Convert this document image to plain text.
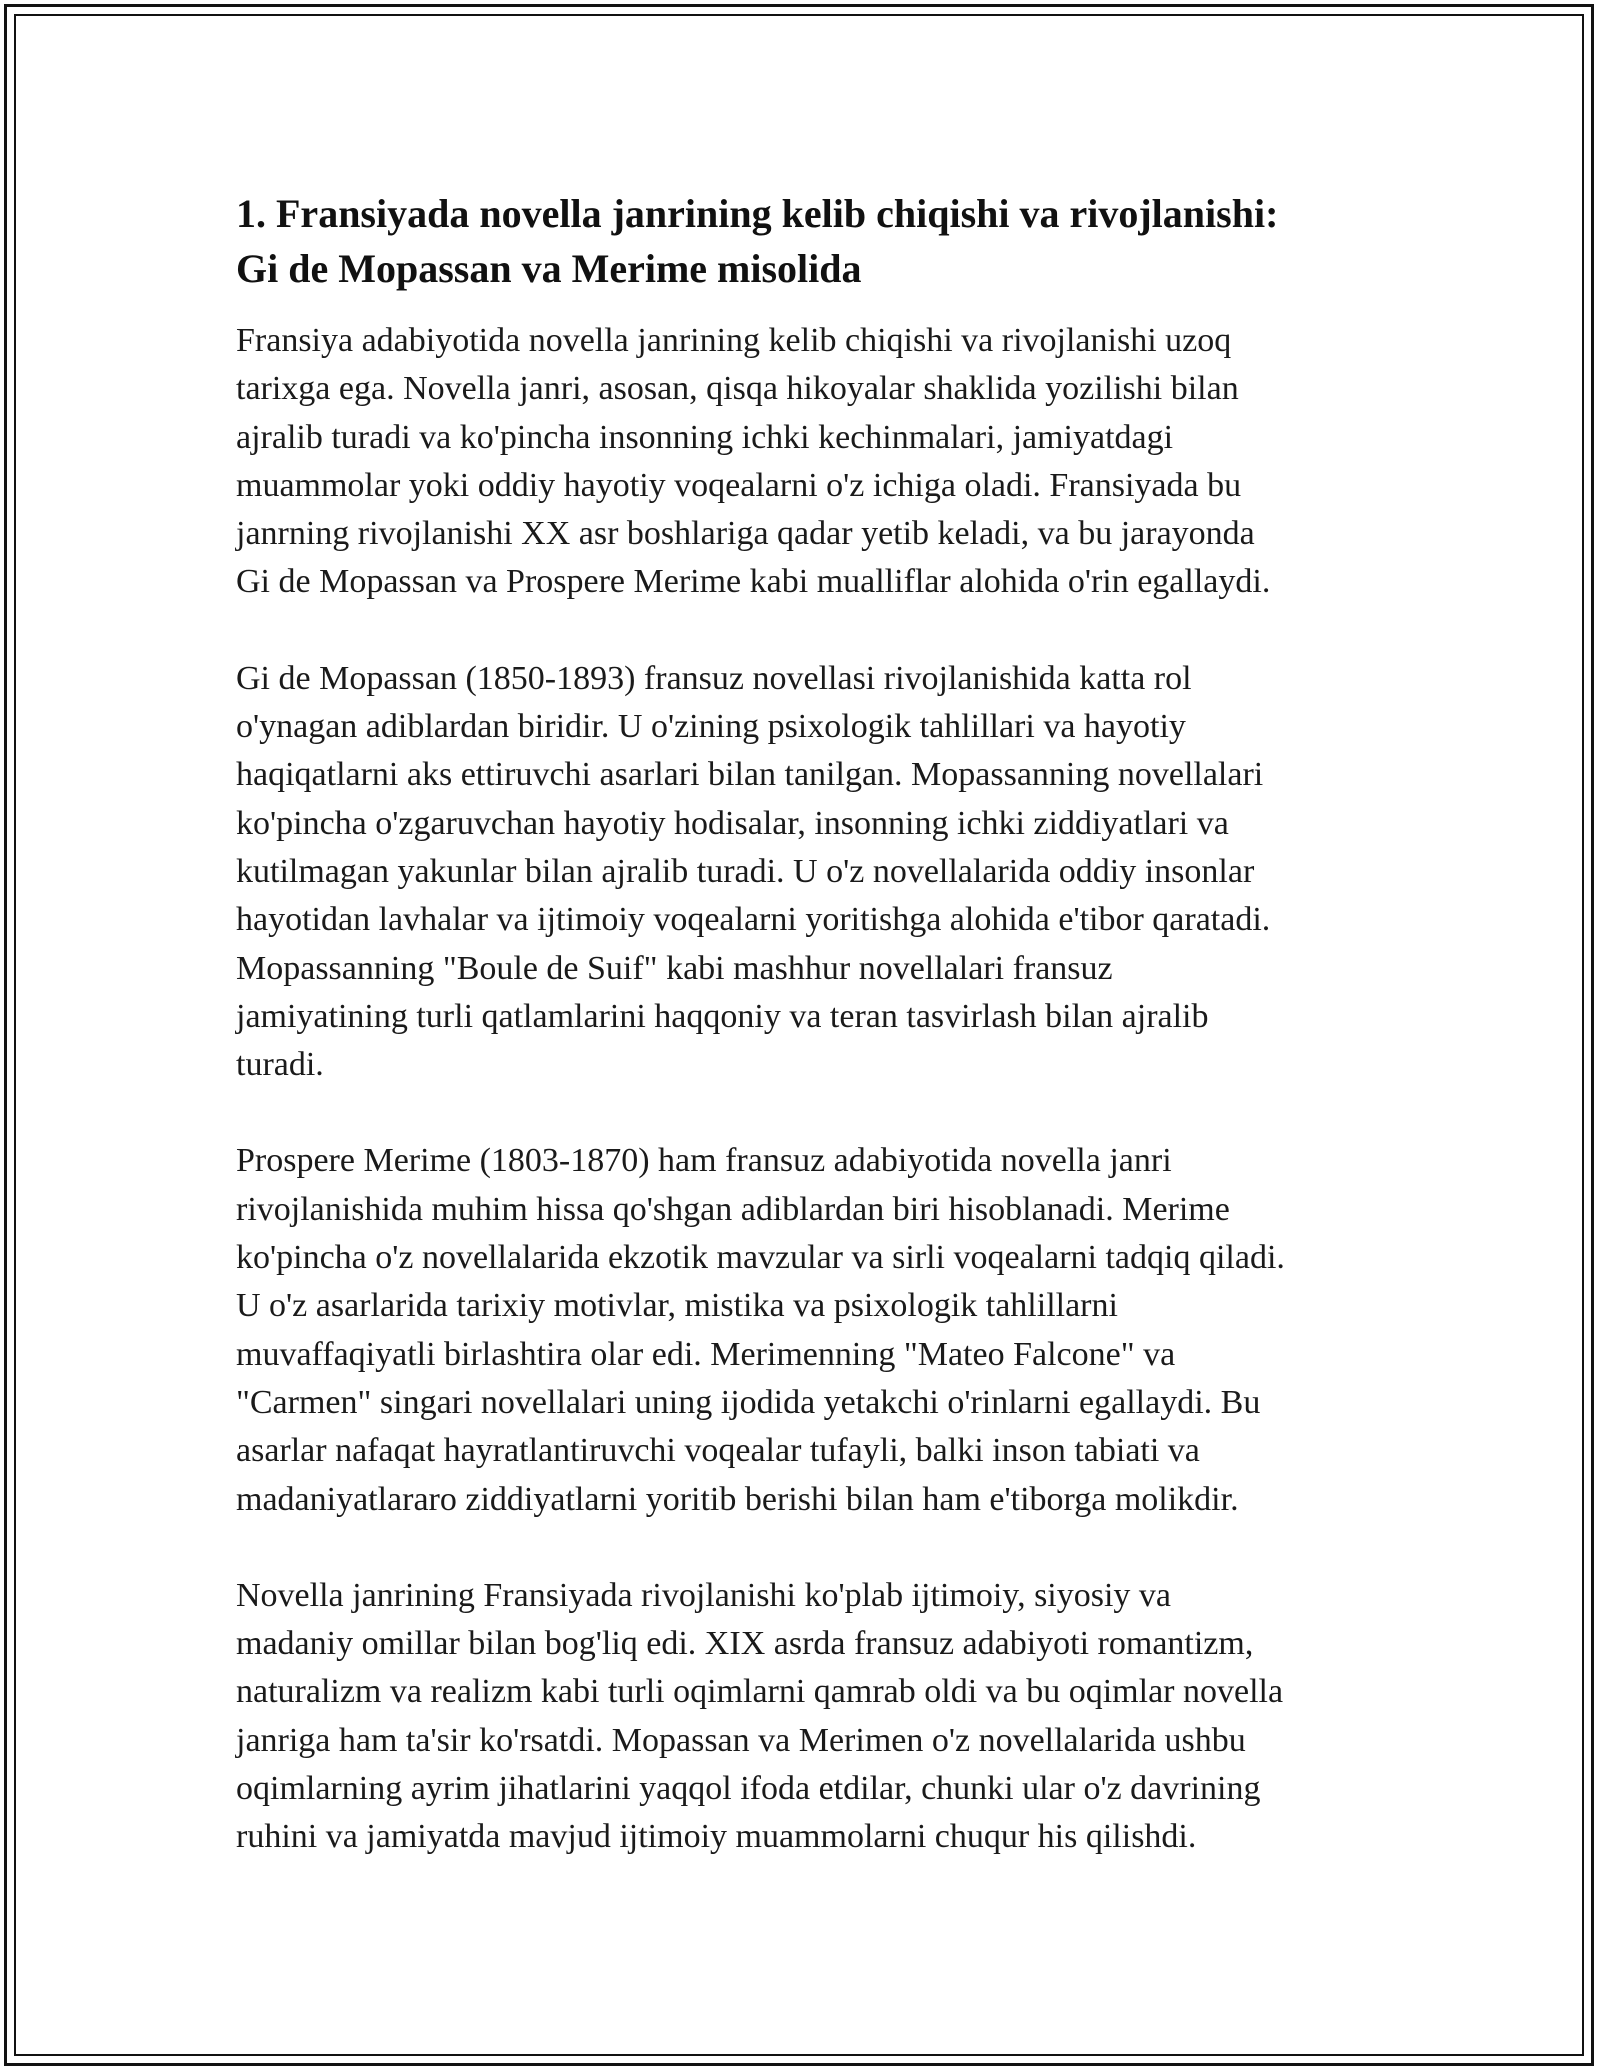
1. Fransiyada novella janrining kelib chiqishi va rivojlanishi:
Gi de Mopassan va Merime misolida

Fransiya adabiyotida novella janrining kelib chiqishi va rivojlanishi uzoq
tarixga ega. Novella janri, asosan, qisqa hikoyalar shaklida yozilishi bilan
ajralib turadi va ko'pincha insonning ichki kechinmalari, jamiyatdagi
muammolar yoki oddiy hayotiy voqealarni o'z ichiga oladi. Fransiyada bu
janrning rivojlanishi XX asr boshlariga qadar yetib keladi, va bu jarayonda
Gi de Mopassan va Prospere Merime kabi mualliflar alohida o'rin egallaydi.

Gi de Mopassan (1850-1893) fransuz novellasi rivojlanishida katta rol
o'ynagan adiblardan biridir. U o'zining psixologik tahlillari va hayotiy
haqiqatlarni aks ettiruvchi asarlari bilan tanilgan. Mopassanning novellalari
ko'pincha o'zgaruvchan hayotiy hodisalar, insonning ichki ziddiyatlari va
kutilmagan yakunlar bilan ajralib turadi. U o'z novellalarida oddiy insonlar
hayotidan lavhalar va ijtimoiy voqealarni yoritishga alohida e'tibor qaratadi.
Mopassanning "Boule de Suif" kabi mashhur novellalari fransuz
jamiyatining turli qatlamlarini haqqoniy va teran tasvirlash bilan ajralib
turadi.

Prospere Merime (1803-1870) ham fransuz adabiyotida novella janri
rivojlanishida muhim hissa qo'shgan adiblardan biri hisoblanadi. Merime
ko'pincha o'z novellalarida ekzotik mavzular va sirli voqealarni tadqiq qiladi.
U o'z asarlarida tarixiy motivlar, mistika va psixologik tahlillarni
muvaffaqiyatli birlashtira olar edi. Merimenning "Mateo Falcone" va
"Carmen" singari novellalari uning ijodida yetakchi o'rinlarni egallaydi. Bu
asarlar nafaqat hayratlantiruvchi voqealar tufayli, balki inson tabiati va
madaniyatlararo ziddiyatlarni yoritib berishi bilan ham e'tiborga molikdir.

Novella janrining Fransiyada rivojlanishi ko'plab ijtimoiy, siyosiy va
madaniy omillar bilan bog'liq edi. XIX asrda fransuz adabiyoti romantizm,
naturalizm va realizm kabi turli oqimlarni qamrab oldi va bu oqimlar novella
janriga ham ta'sir ko'rsatdi. Mopassan va Merimen o'z novellalarida ushbu
oqimlarning ayrim jihatlarini yaqqol ifoda etdilar, chunki ular o'z davrining
ruhini va jamiyatda mavjud ijtimoiy muammolarni chuqur his qilishdi.
